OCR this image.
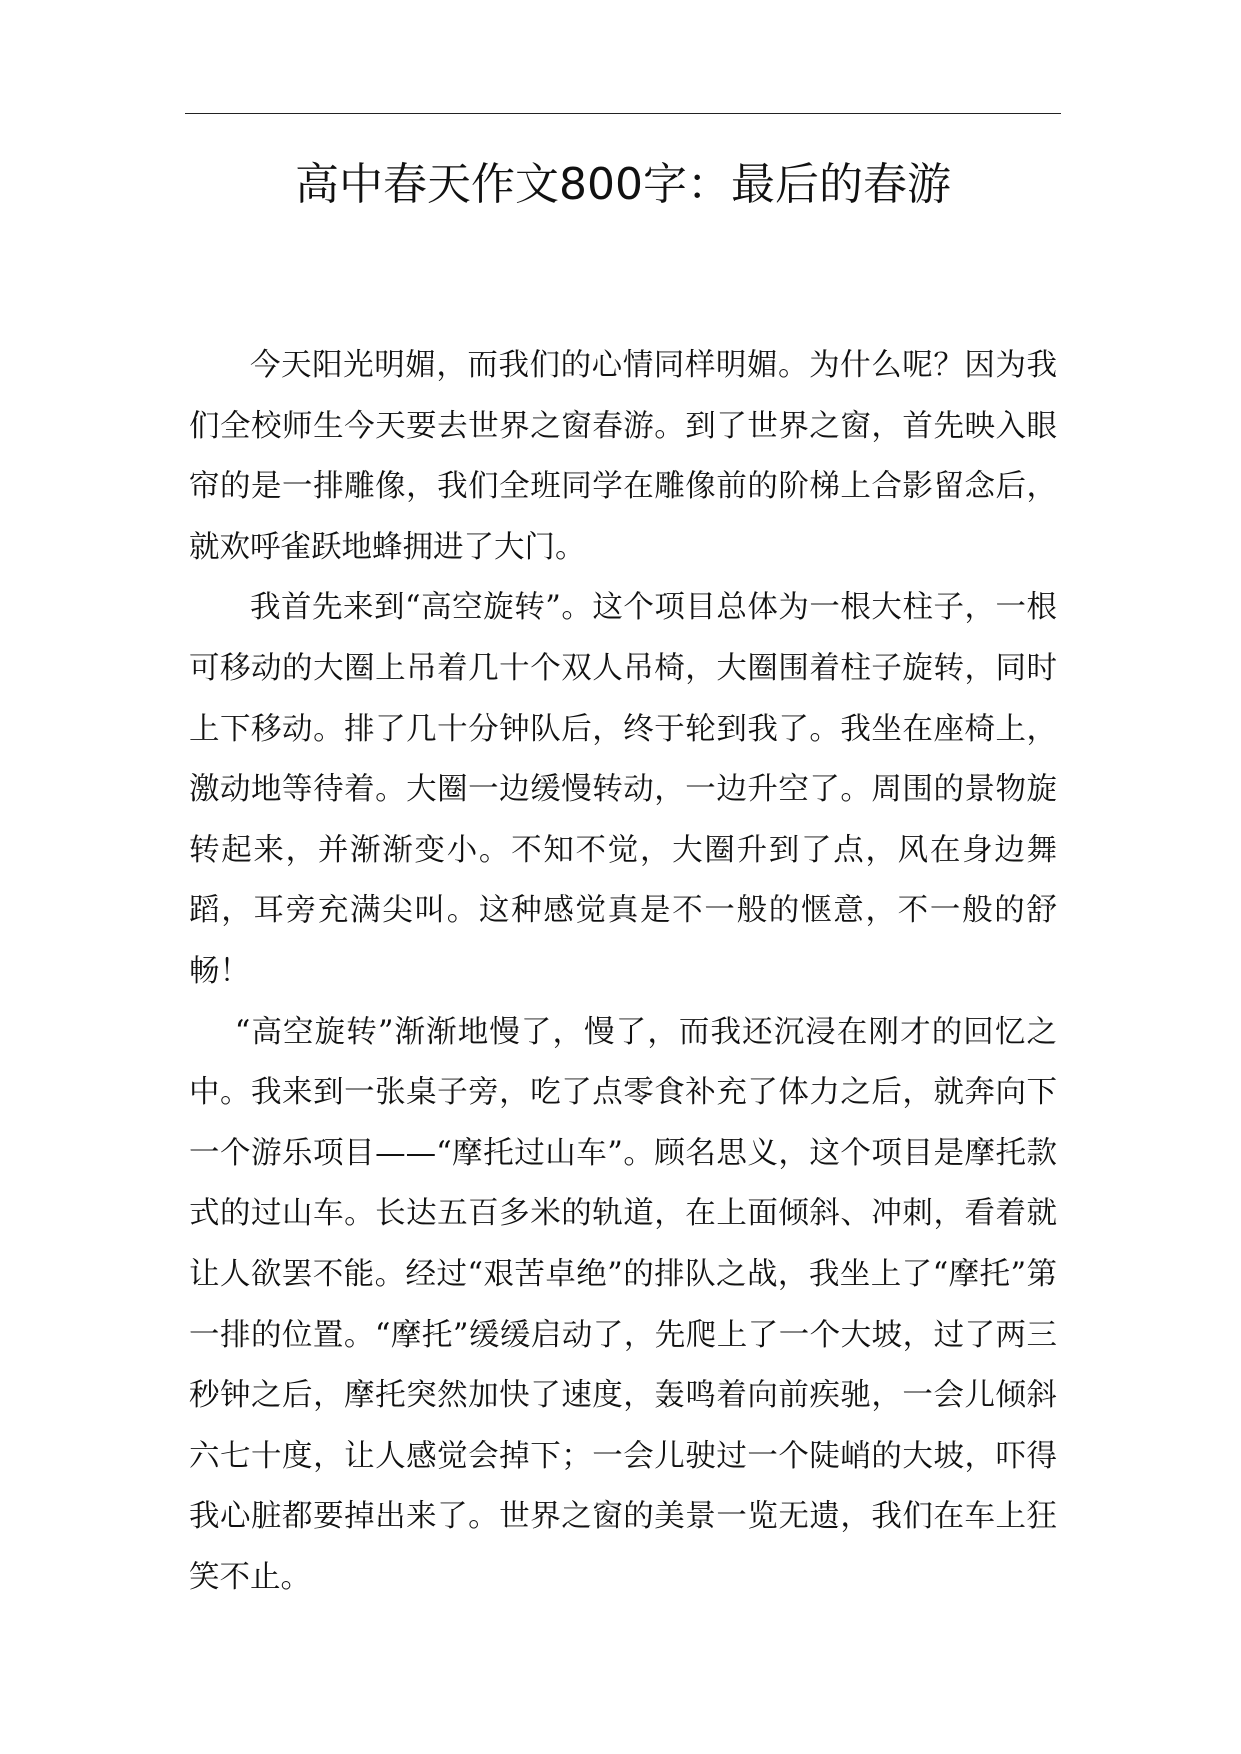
高中春天作文800字：最后的春游

今天阳光明媚，而我们的心情同样明媚。为什么呢？因为我们全校师生今天要去世界之窗春游。到了世界之窗，首先映入眼帘的是一排雕像，我们全班同学在雕像前的阶梯上合影留念后，就欢呼雀跃地蜂拥进了大门。

我首先来到“高空旋转”。这个项目总体为一根大柱子，一根可移动的大圈上吊着几十个双人吊椅，大圈围着柱子旋转，同时上下移动。排了几十分钟队后，终于轮到我了。我坐在座椅上，激动地等待着。大圈一边缓慢转动，一边升空了。周围的景物旋转起来，并渐渐变小。不知不觉，大圈升到了点，风在身边舞蹈，耳旁充满尖叫。这种感觉真是不一般的惬意，不一般的舒畅！

“高空旋转”渐渐地慢了，慢了，而我还沉浸在刚才的回忆之中。我来到一张桌子旁，吃了点零食补充了体力之后，就奔向下一个游乐项目——“摩托过山车”。顾名思义，这个项目是摩托款式的过山车。长达五百多米的轨道，在上面倾斜、冲刺，看着就让人欲罢不能。经过“艰苦卓绝”的排队之战，我坐上了“摩托”第一排的位置。“摩托”缓缓启动了，先爬上了一个大坡，过了两三秒钟之后，摩托突然加快了速度，轰鸣着向前疾驰，一会儿倾斜六七十度，让人感觉会掉下；一会儿驶过一个陡峭的大坡，吓得我心脏都要掉出来了。世界之窗的美景一览无遗，我们在车上狂笑不止。
